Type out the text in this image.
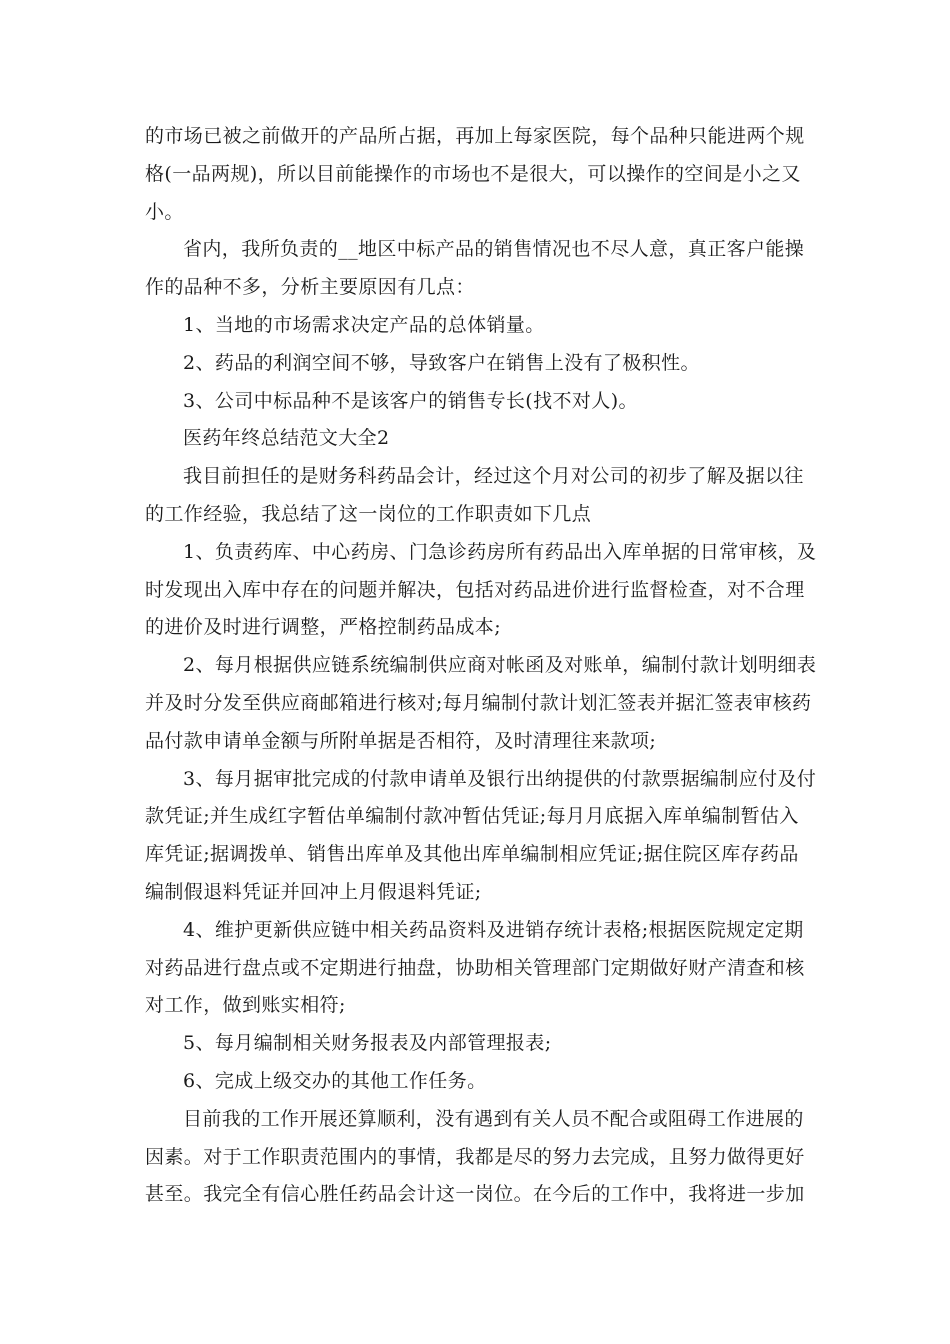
的市场已被之前做开的产品所占据，再加上每家医院，每个品种只能进两个规
格(一品两规)，所以目前能操作的市场也不是很大，可以操作的空间是小之又
小。
省内，我所负责的__地区中标产品的销售情况也不尽人意，真正客户能操
作的品种不多，分析主要原因有几点：
1、当地的市场需求决定产品的总体销量。
2、药品的利润空间不够，导致客户在销售上没有了极积性。
3、公司中标品种不是该客户的销售专长(找不对人)。
医药年终总结范文大全2
我目前担任的是财务科药品会计，经过这个月对公司的初步了解及据以往
的工作经验，我总结了这一岗位的工作职责如下几点
1、负责药库、中心药房、门急诊药房所有药品出入库单据的日常审核，及
时发现出入库中存在的问题并解决，包括对药品进价进行监督检查，对不合理
的进价及时进行调整，严格控制药品成本;
2、每月根据供应链系统编制供应商对帐函及对账单，编制付款计划明细表
并及时分发至供应商邮箱进行核对;每月编制付款计划汇签表并据汇签表审核药
品付款申请单金额与所附单据是否相符，及时清理往来款项;
3、每月据审批完成的付款申请单及银行出纳提供的付款票据编制应付及付
款凭证;并生成红字暂估单编制付款冲暂估凭证;每月月底据入库单编制暂估入
库凭证;据调拨单、销售出库单及其他出库单编制相应凭证;据住院区库存药品
编制假退料凭证并回冲上月假退料凭证;
4、维护更新供应链中相关药品资料及进销存统计表格;根据医院规定定期
对药品进行盘点或不定期进行抽盘，协助相关管理部门定期做好财产清查和核
对工作，做到账实相符;
5、每月编制相关财务报表及内部管理报表;
6、完成上级交办的其他工作任务。
目前我的工作开展还算顺利，没有遇到有关人员不配合或阻碍工作进展的
因素。对于工作职责范围内的事情，我都是尽的努力去完成，且努力做得更好
甚至。我完全有信心胜任药品会计这一岗位。在今后的工作中，我将进一步加
